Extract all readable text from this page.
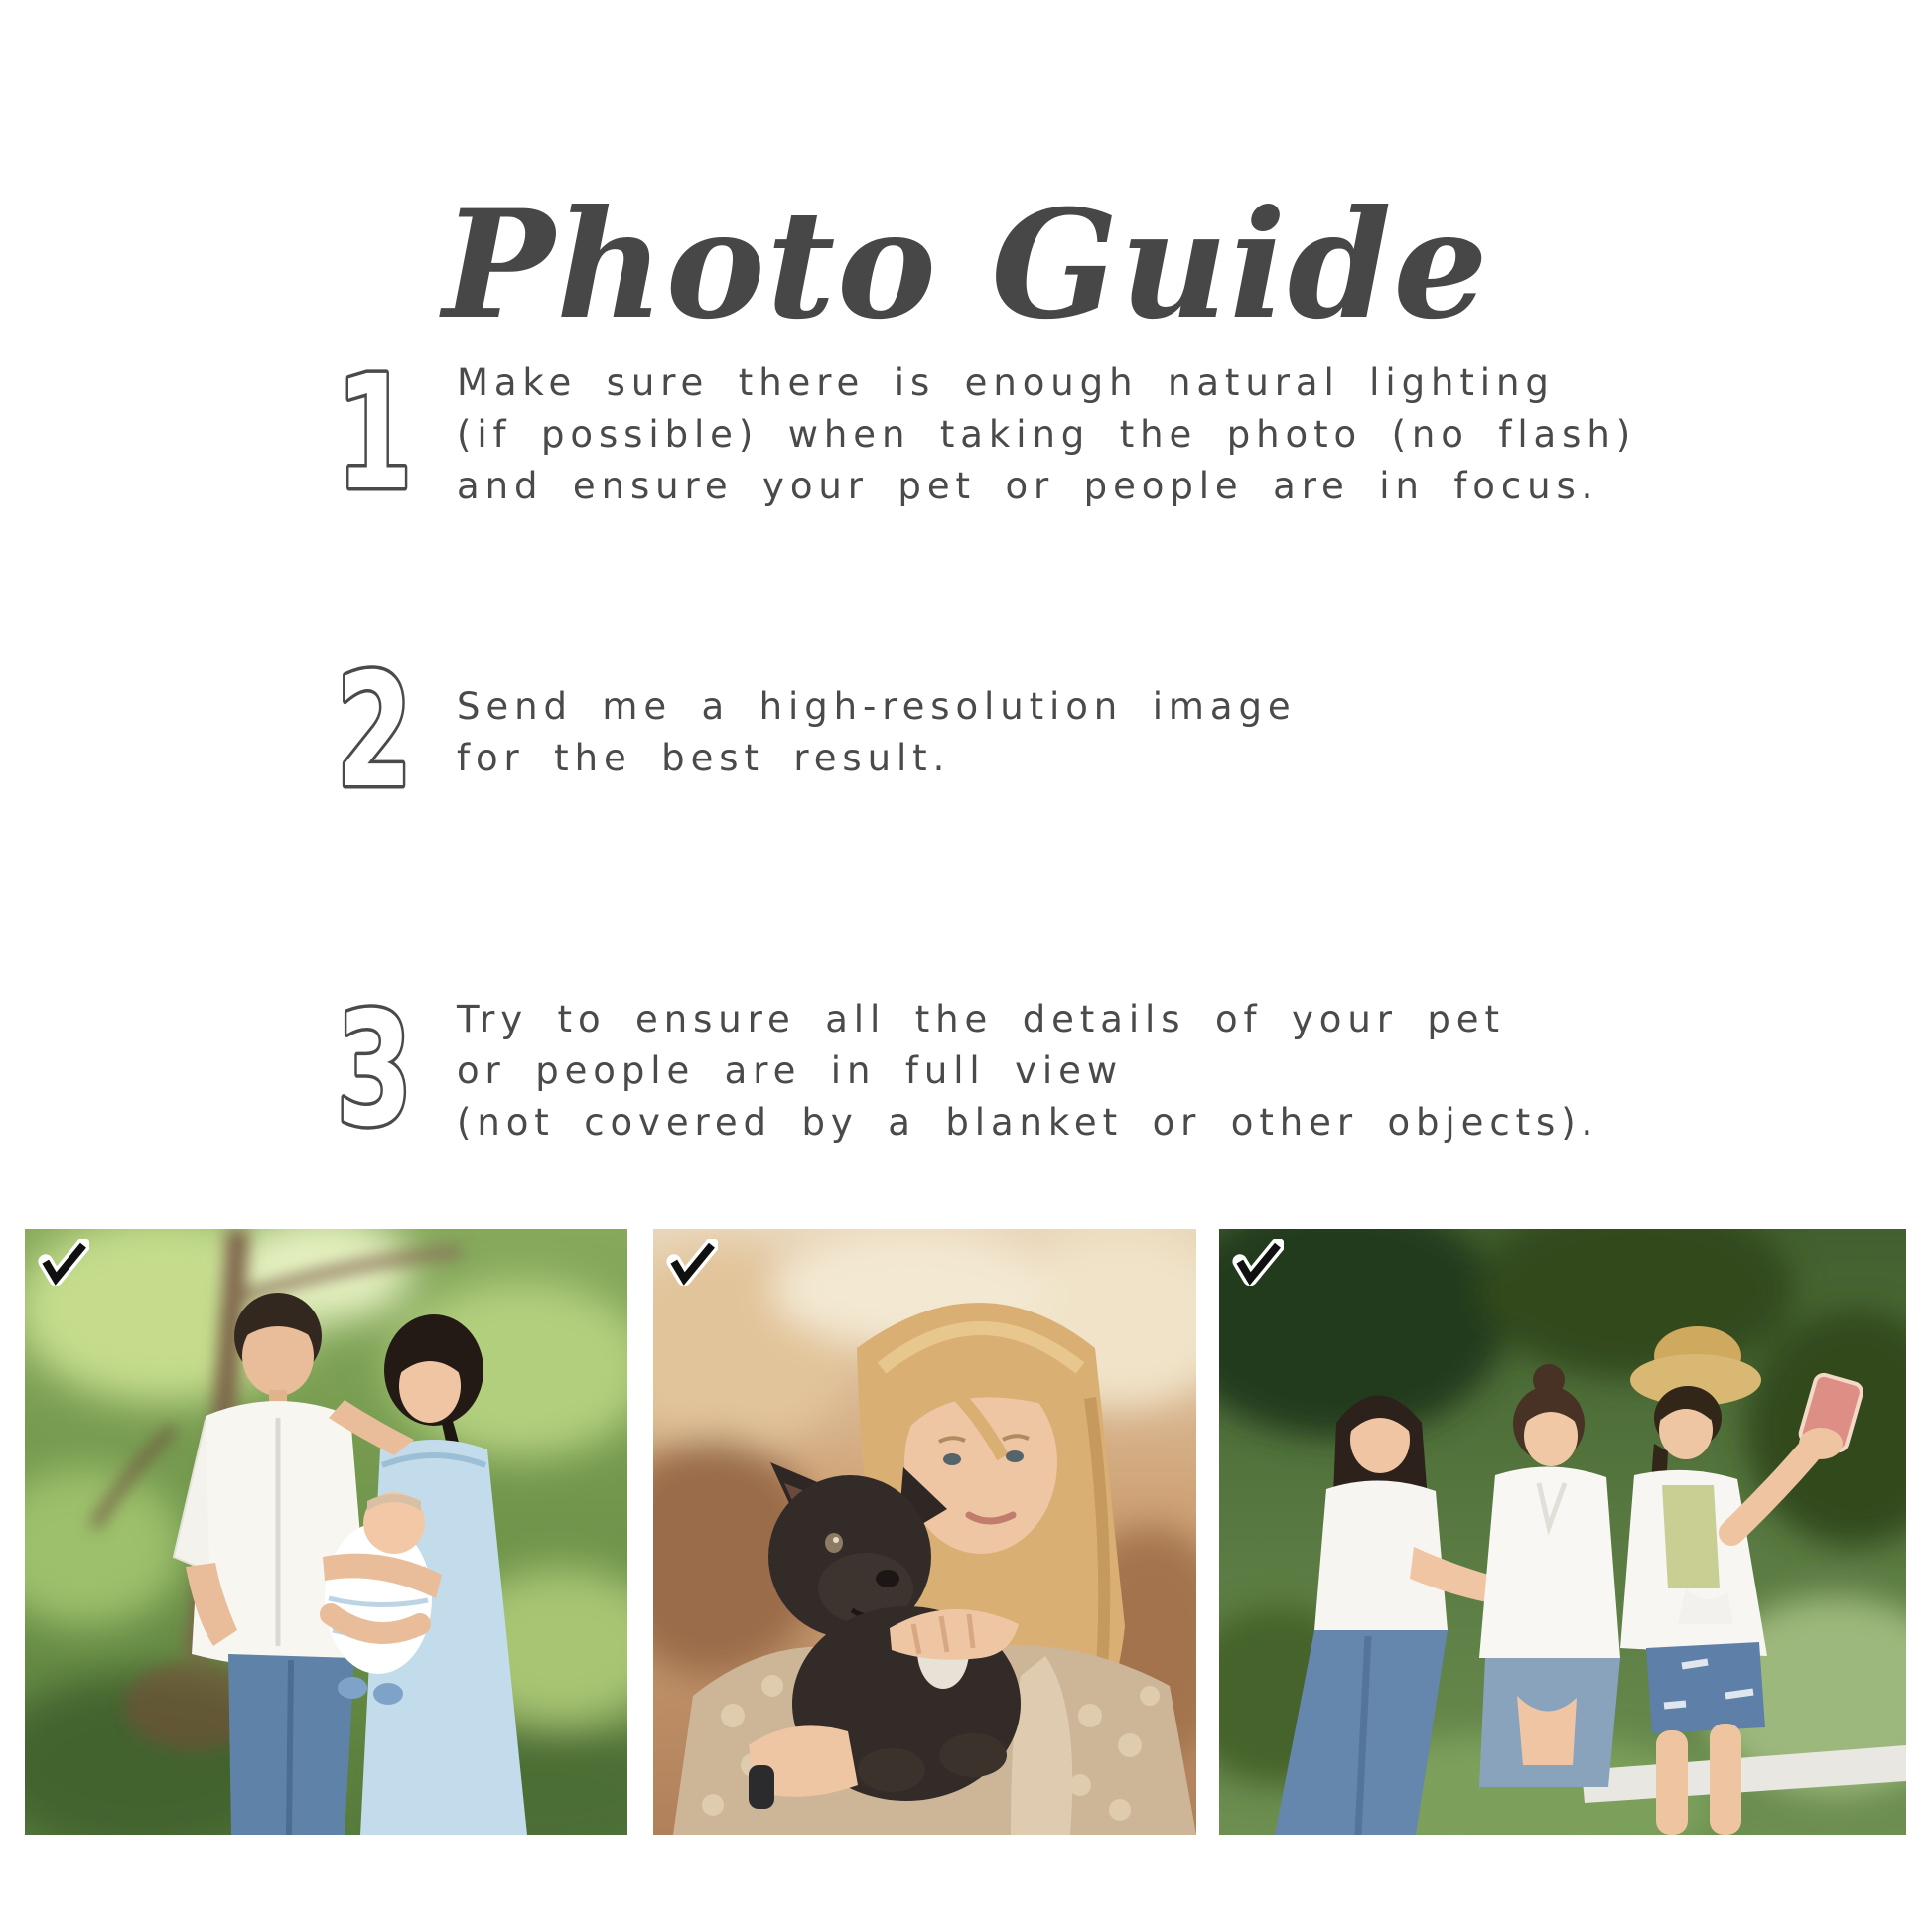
Photo Guide
1 Make sure there is enough natural lighting
(if possible) when taking the photo (no flash)
and ensure your pet or people are in focus.
2 Send me a high-resolution image
for the best result.
3 Try to ensure all the details of your pet
or people are in full view
(not covered by a blanket or other objects).
